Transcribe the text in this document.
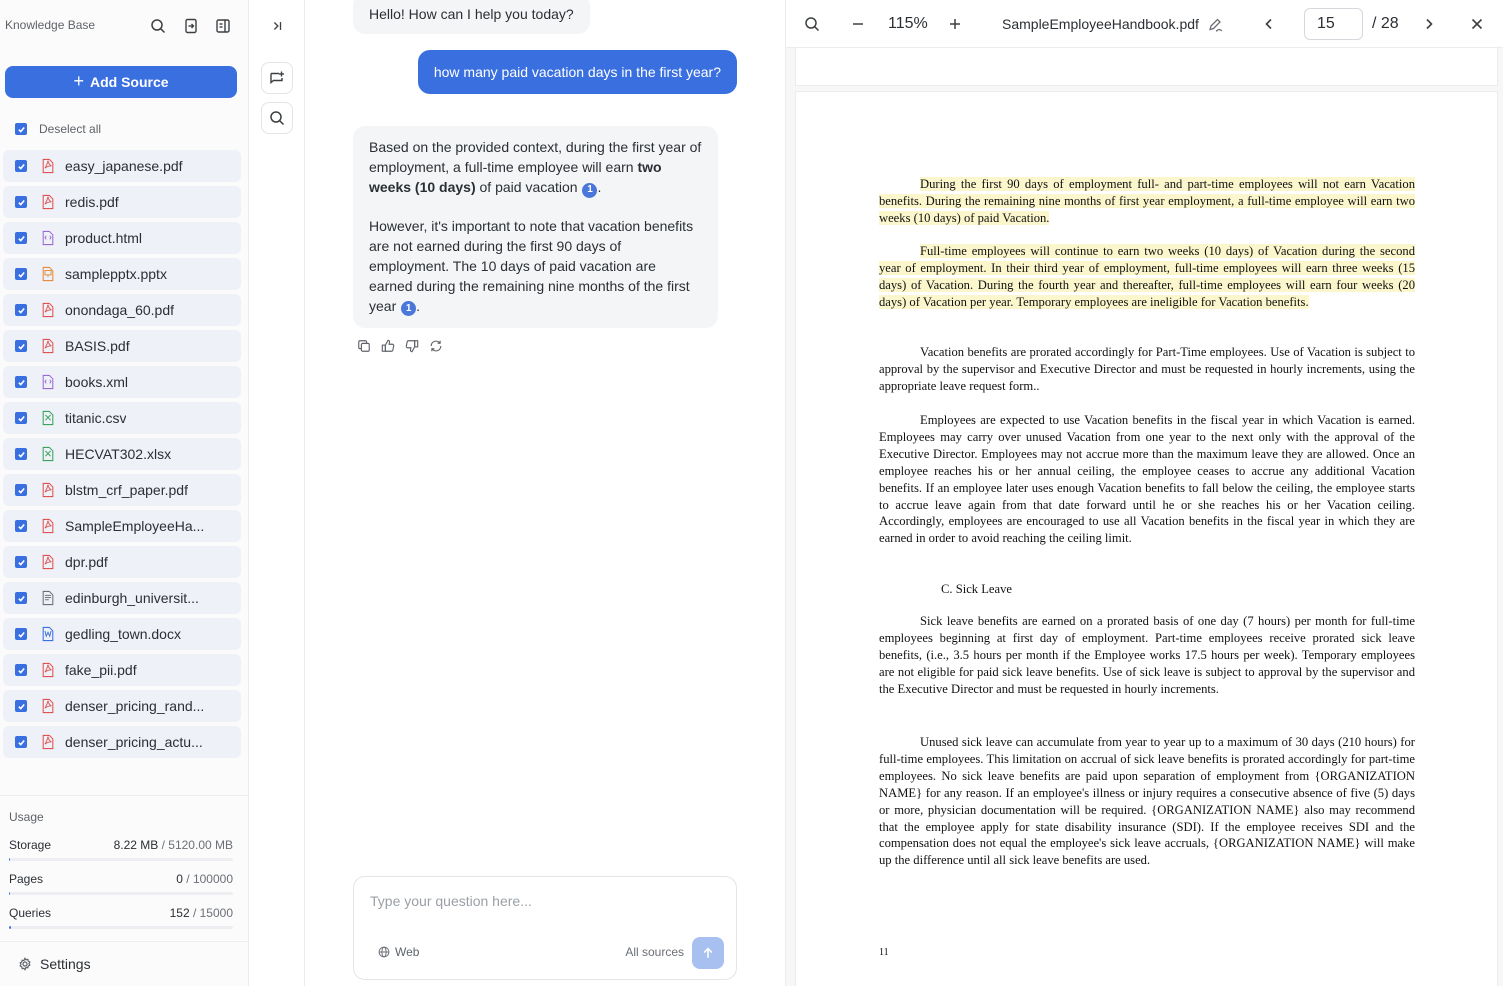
Knowledge Base
+ Add Source
Deselect all
easy_japanese.pdf
redis.pdf
product.html
samplepptx.pptx
onondaga_60.pdf
BASIS.pdf
books.xml
titanic.csv
HECVAT302.xlsx
blstm_crf_paper.pdf
SampleEmployeeHa...
dpr.pdf
edinburgh_universit...
gedling_town.docx
fake_pii.pdf
denser_pricing_rand...
denser_pricing_actu...
Usage
Storage	8.22 MB / 5120.00 MB
Pages	0 / 100000
Queries	152 / 15000
Settings
Hello! How can I help you today?
how many paid vacation days in the first year?

Based on the provided context, during the first year of employment, a full-time employee will earn two weeks (10 days) of paid vacation 1 .

However, it's important to note that vacation benefits are not earned during the first 90 days of employment. The 10 days of paid vacation are earned during the remaining nine months of the first year 1 .

Type your question here...
Web	All sources
115%	SampleEmployeeHandbook.pdf	15	/ 28
During the first 90 days of employment full- and part-time employees will not earn Vacation benefits. During the remaining nine months of first year employment, a full-time employee will earn two weeks (10 days) of paid Vacation.
Full-time employees will continue to earn two weeks (10 days) of Vacation during the second year of employment. In their third year of employment, full-time employees will earn three weeks (15 days) of Vacation. During the fourth year and thereafter, full-time employees will earn four weeks (20 days) of Vacation per year. Temporary employees are ineligible for Vacation benefits.
Vacation benefits are prorated accordingly for Part-Time employees. Use of Vacation is subject to approval by the supervisor and Executive Director and must be requested in hourly increments, using the appropriate leave request form..
Employees are expected to use Vacation benefits in the fiscal year in which Vacation is earned. Employees may carry over unused Vacation from one year to the next only with the approval of the Executive Director. Employees may not accrue more than the maximum leave they are allowed. Once an employee reaches his or her annual ceiling, the employee ceases to accrue any additional Vacation benefits. If an employee later uses enough Vacation benefits to fall below the ceiling, the employee starts to accrue leave again from that date forward until he or she reaches his or her Vacation ceiling. Accordingly, employees are encouraged to use all Vacation benefits in the fiscal year in which they are earned in order to avoid reaching the ceiling limit.
C. Sick Leave
Sick leave benefits are earned on a prorated basis of one day (7 hours) per month for full-time employees beginning at first day of employment. Part-time employees receive prorated sick leave benefits, (i.e., 3.5 hours per month if the Employee works 17.5 hours per week). Temporary employees are not eligible for paid sick leave benefits. Use of sick leave is subject to approval by the supervisor and the Executive Director and must be requested in hourly increments.
Unused sick leave can accumulate from year to year up to a maximum of 30 days (210 hours) for full-time employees. This limitation on accrual of sick leave benefits is prorated accordingly for part-time employees. No sick leave benefits are paid upon separation of employment from {ORGANIZATION NAME} for any reason. If an employee's illness or injury requires a consecutive absence of five (5) days or more, physician documentation will be required. {ORGANIZATION NAME} also may recommend that the employee apply for state disability insurance (SDI). If the employee receives SDI and the compensation does not equal the employee's sick leave accruals, {ORGANIZATION NAME} will make up the difference until all sick leave benefits are used.
11
